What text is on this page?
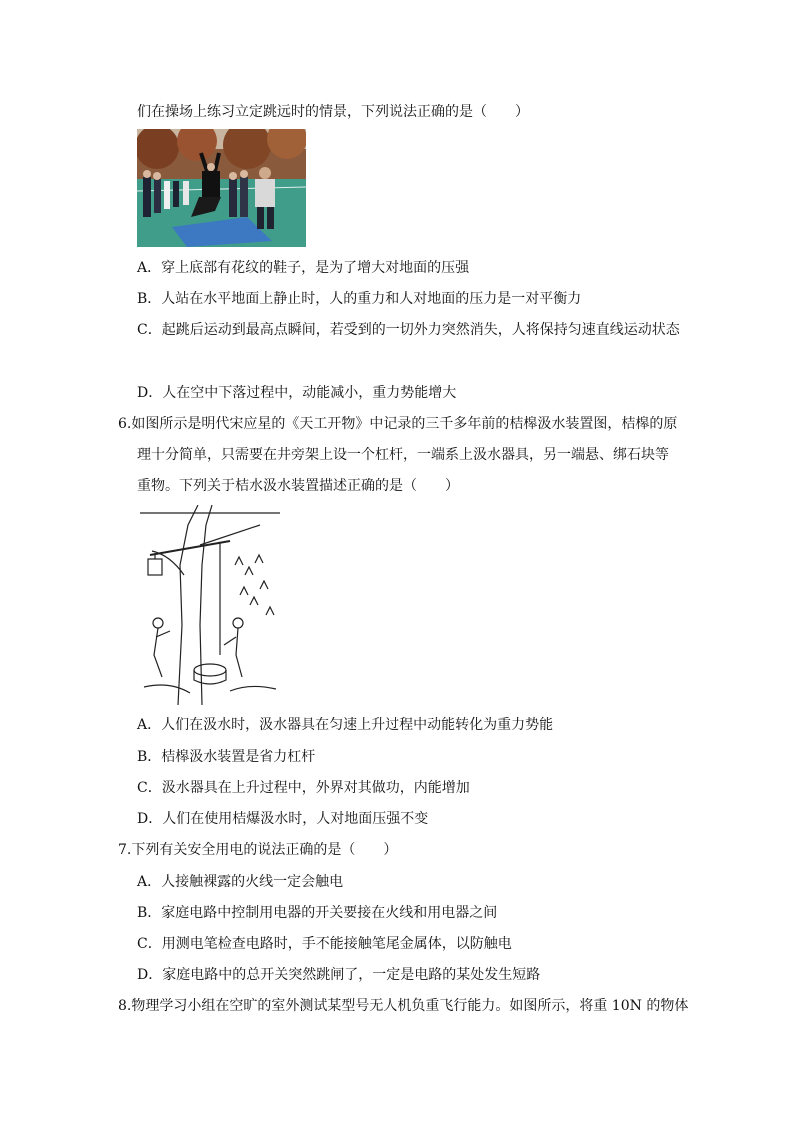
们在操场上练习立定跳远时的情景，下列说法正确的是（　　）
A．穿上底部有花纹的鞋子，是为了增大对地面的压强
B．人站在水平地面上静止时，人的重力和人对地面的压力是一对平衡力
C．起跳后运动到最高点瞬间，若受到的一切外力突然消失，人将保持匀速直线运动状态
D．人在空中下落过程中，动能减小，重力势能增大
6.如图所示是明代宋应星的《天工开物》中记录的三千多年前的桔槔汲水装置图，桔槔的原
理十分简单，只需要在井旁架上设一个杠杆，一端系上汲水器具，另一端悬、绑石块等
重物。下列关于桔水汲水装置描述正确的是（　　）
A．人们在汲水时，汲水器具在匀速上升过程中动能转化为重力势能
B．桔槔汲水装置是省力杠杆
C．汲水器具在上升过程中，外界对其做功，内能增加
D．人们在使用桔爆汲水时，人对地面压强不变
7.下列有关安全用电的说法正确的是（　　）
A．人接触裸露的火线一定会触电
B．家庭电路中控制用电器的开关要接在火线和用电器之间
C．用测电笔检查电路时，手不能接触笔尾金属体，以防触电
D．家庭电路中的总开关突然跳闸了，一定是电路的某处发生短路
8.物理学习小组在空旷的室外测试某型号无人机负重飞行能力。如图所示，将重 10N 的物体
